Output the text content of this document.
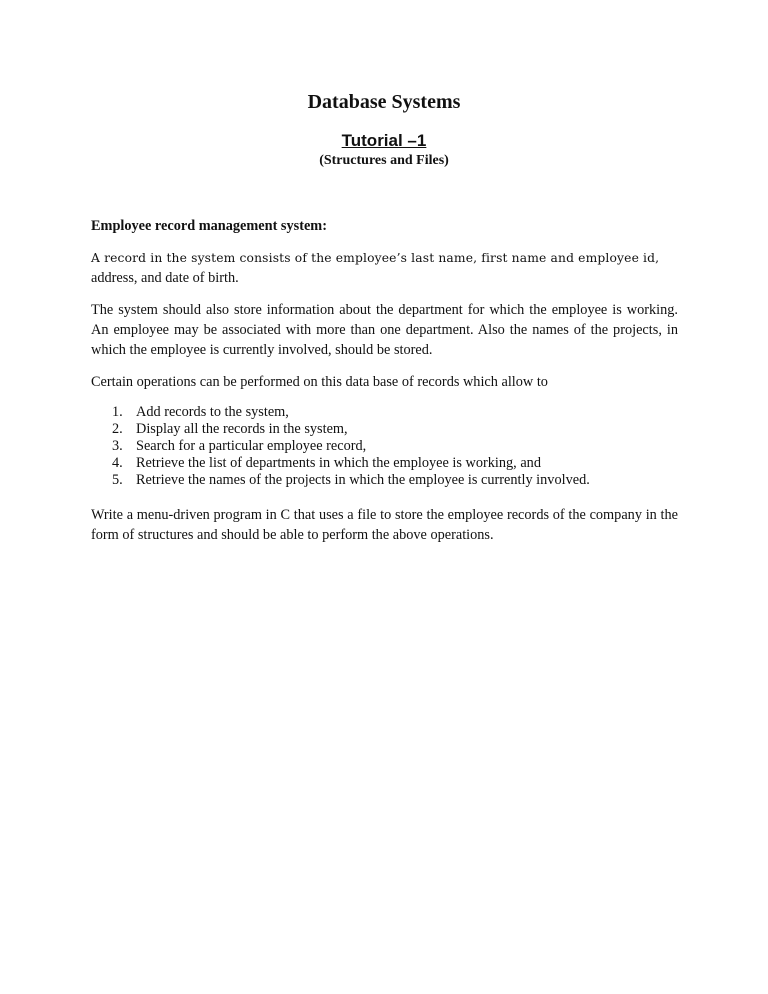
Database Systems
Tutorial –1
(Structures and Files)
Employee record management system:
A record in the system consists of the employee’s last name, first name and employee id,
address, and date of birth.
The system should also store information about the department for which the employee is working. An employee may be associated with more than one department. Also the names of the projects, in which the employee is currently involved, should be stored.
Certain operations can be performed on this data base of records which allow to
1. Add records to the system,
2. Display all the records in the system,
3. Search for a particular employee record,
4. Retrieve the list of departments in which the employee is working, and
5. Retrieve the names of the projects in which the employee is currently involved.
Write a menu-driven program in C that uses a file to store the employee records of the company in the form of structures and should be able to perform the above operations.
